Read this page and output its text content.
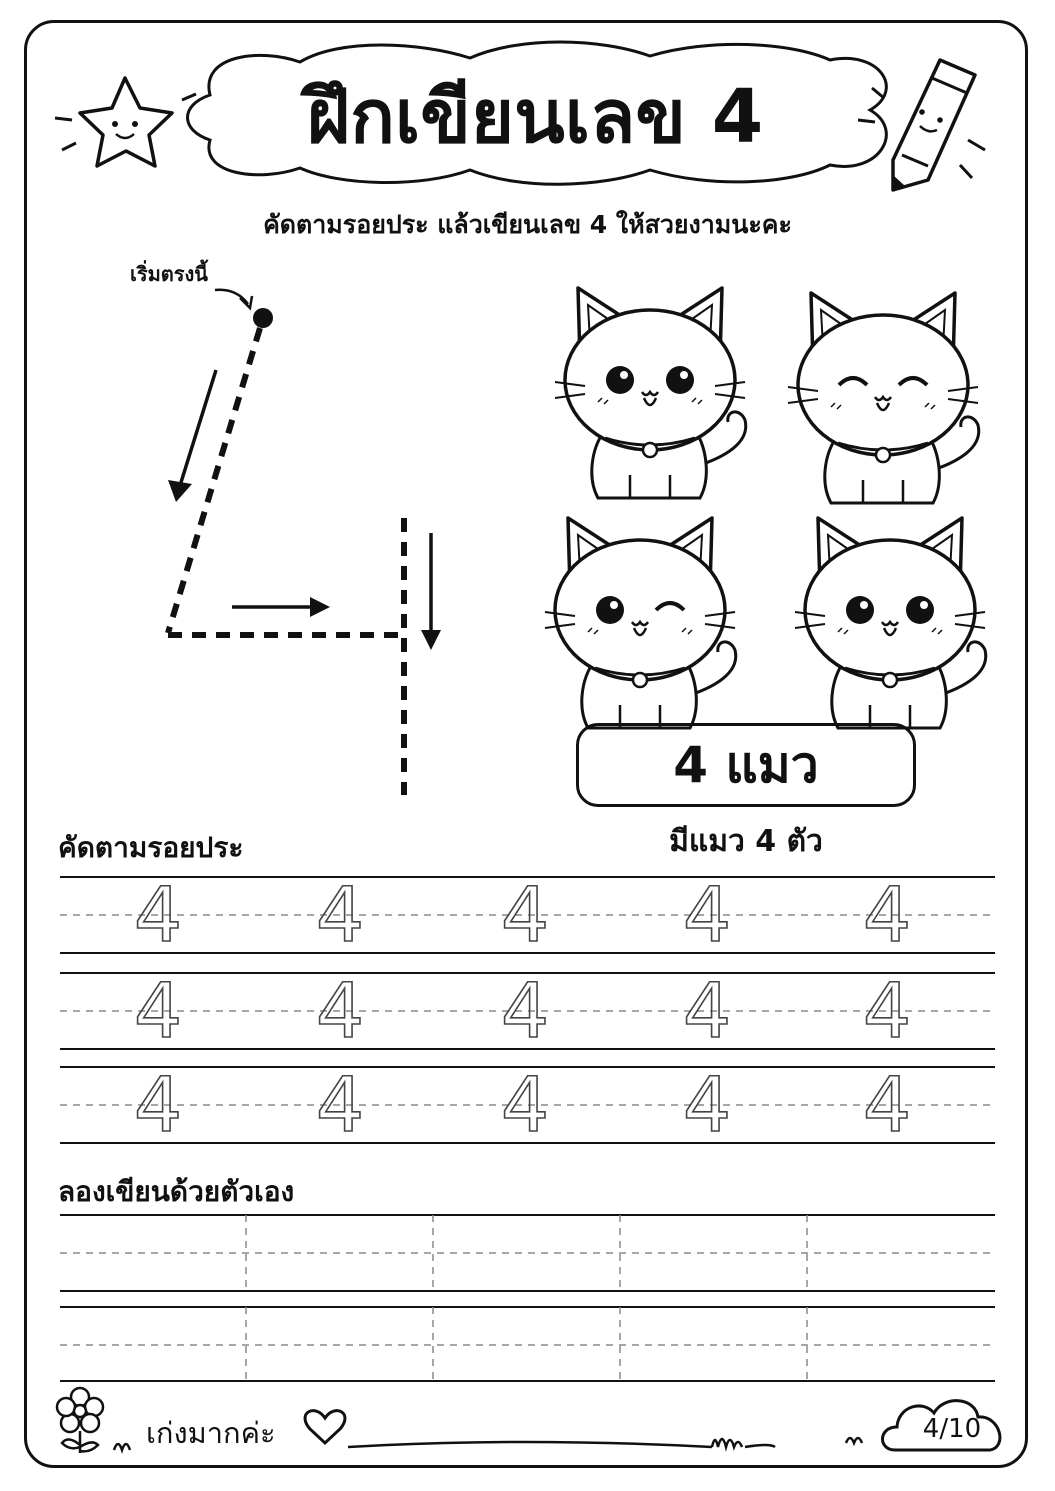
ฝึกเขียนเลข 4
คัดตามรอยประ แล้วเขียนเลข 4 ให้สวยงามนะคะ
เริ่มตรงนี้
4 แมว
มีแมว 4 ตัว
คัดตามรอยประ
4 4 4 4 4
4 4 4 4 4
4 4 4 4 4
ลองเขียนด้วยตัวเอง
เก่งมากค่ะ	4/10
